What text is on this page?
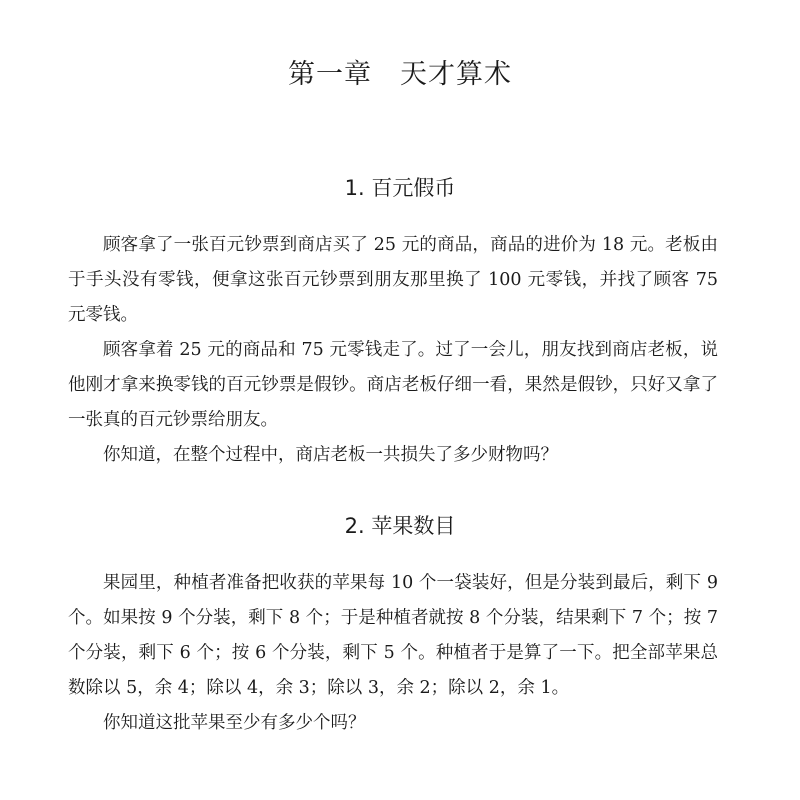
第一章　天才算术
1. 百元假币

顾客拿了一张百元钞票到商店买了 25 元的商品，商品的进价为 18 元。老板由于手头没有零钱，便拿这张百元钞票到朋友那里换了 100 元零钱，并找了顾客 75 元零钱。

顾客拿着 25 元的商品和 75 元零钱走了。过了一会儿，朋友找到商店老板，说他刚才拿来换零钱的百元钞票是假钞。商店老板仔细一看，果然是假钞，只好又拿了一张真的百元钞票给朋友。

你知道，在整个过程中，商店老板一共损失了多少财物吗？

2. 苹果数目

果园里，种植者准备把收获的苹果每 10 个一袋装好，但是分装到最后，剩下 9 个。如果按 9 个分装，剩下 8 个；于是种植者就按 8 个分装，结果剩下 7 个；按 7 个分装，剩下 6 个；按 6 个分装，剩下 5 个。种植者于是算了一下。把全部苹果总数除以 5，余 4；除以 4，余 3；除以 3，余 2；除以 2，余 1。

你知道这批苹果至少有多少个吗？
